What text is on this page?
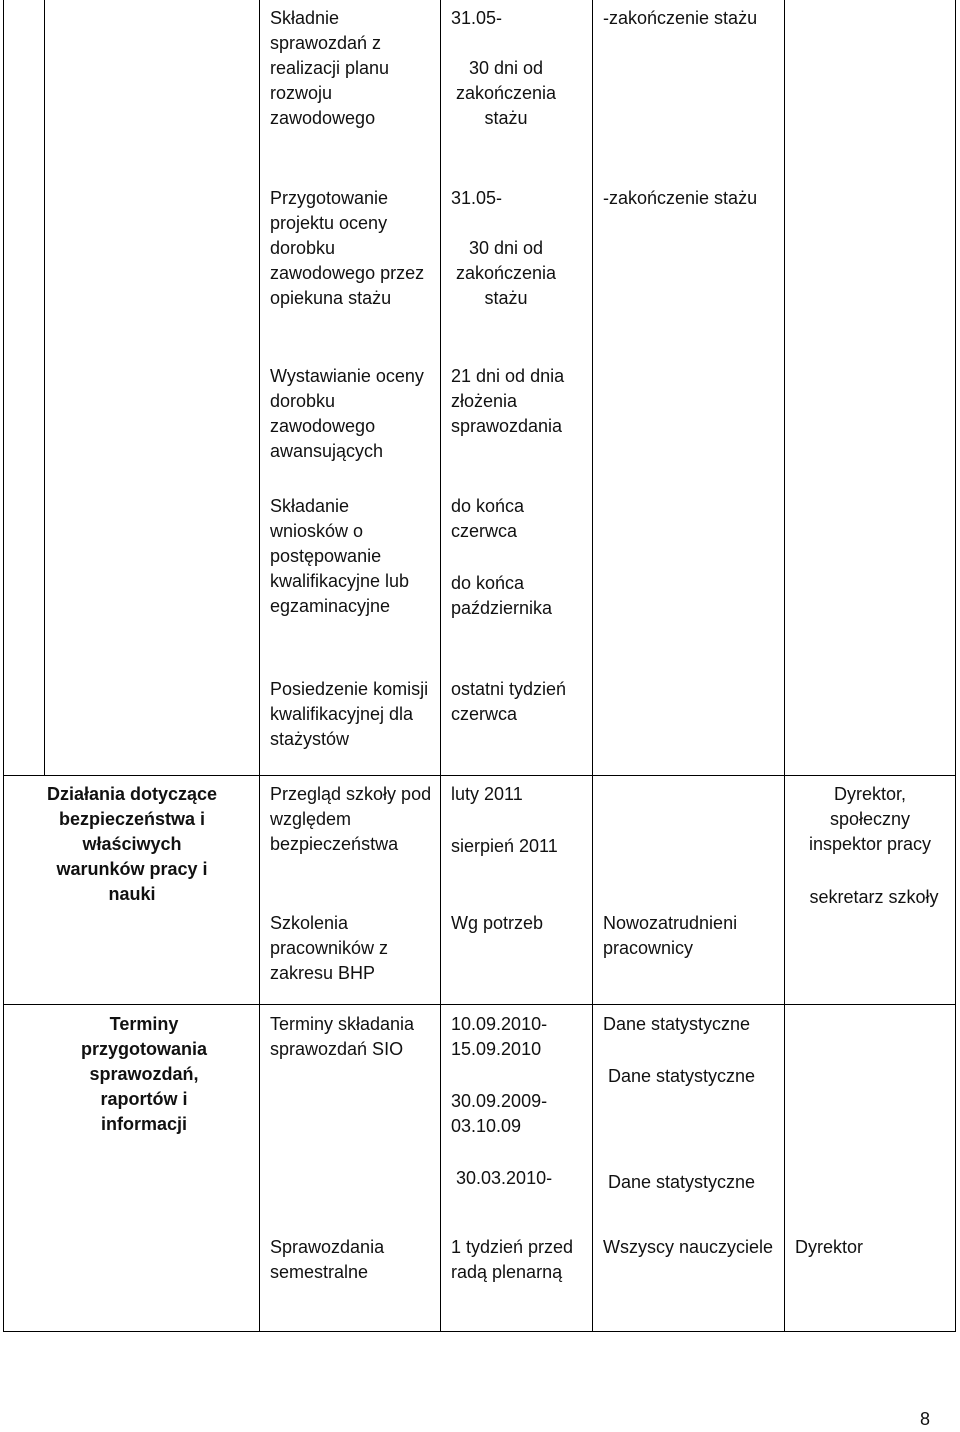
Składnie
sprawozdań z
realizacji planu
rozwoju
zawodowego

31.05-

30 dni od
zakończenia
stażu

-zakończenie stażu

Przygotowanie
projektu oceny
dorobku
zawodowego przez
opiekuna stażu

31.05-

30 dni od
zakończenia
stażu

-zakończenie stażu

Wystawianie oceny
dorobku
zawodowego
awansujących

21 dni od dnia
złożenia
sprawozdania

Składanie
wniosków o
postępowanie
kwalifikacyjne lub
egzaminacyjne

do końca
czerwca

do końca
października

Posiedzenie komisji
kwalifikacyjnej dla
stażystów

ostatni tydzień
czerwca

Działania dotyczące
bezpieczeństwa i
właściwych
warunków pracy i
nauki

Przegląd szkoły pod
względem
bezpieczeństwa

luty 2011

sierpień 2011

Szkolenia
pracowników z
zakresu BHP

Wg potrzeb	Nowozatrudnieni
pracownicy

Dyrektor,
społeczny
inspektor pracy

sekretarz szkoły

Terminy
przygotowania
sprawozdań,
raportów i
informacji

Terminy składania
sprawozdań SIO

10.09.2010-
15.09.2010

30.09.2009-
03.10.09

30.03.2010-

Dane statystyczne

Dane statystyczne

Dane statystyczne

Sprawozdania
semestralne

1 tydzień przed
radą plenarną

Wszyscy nauczyciele Dyrektor

8
